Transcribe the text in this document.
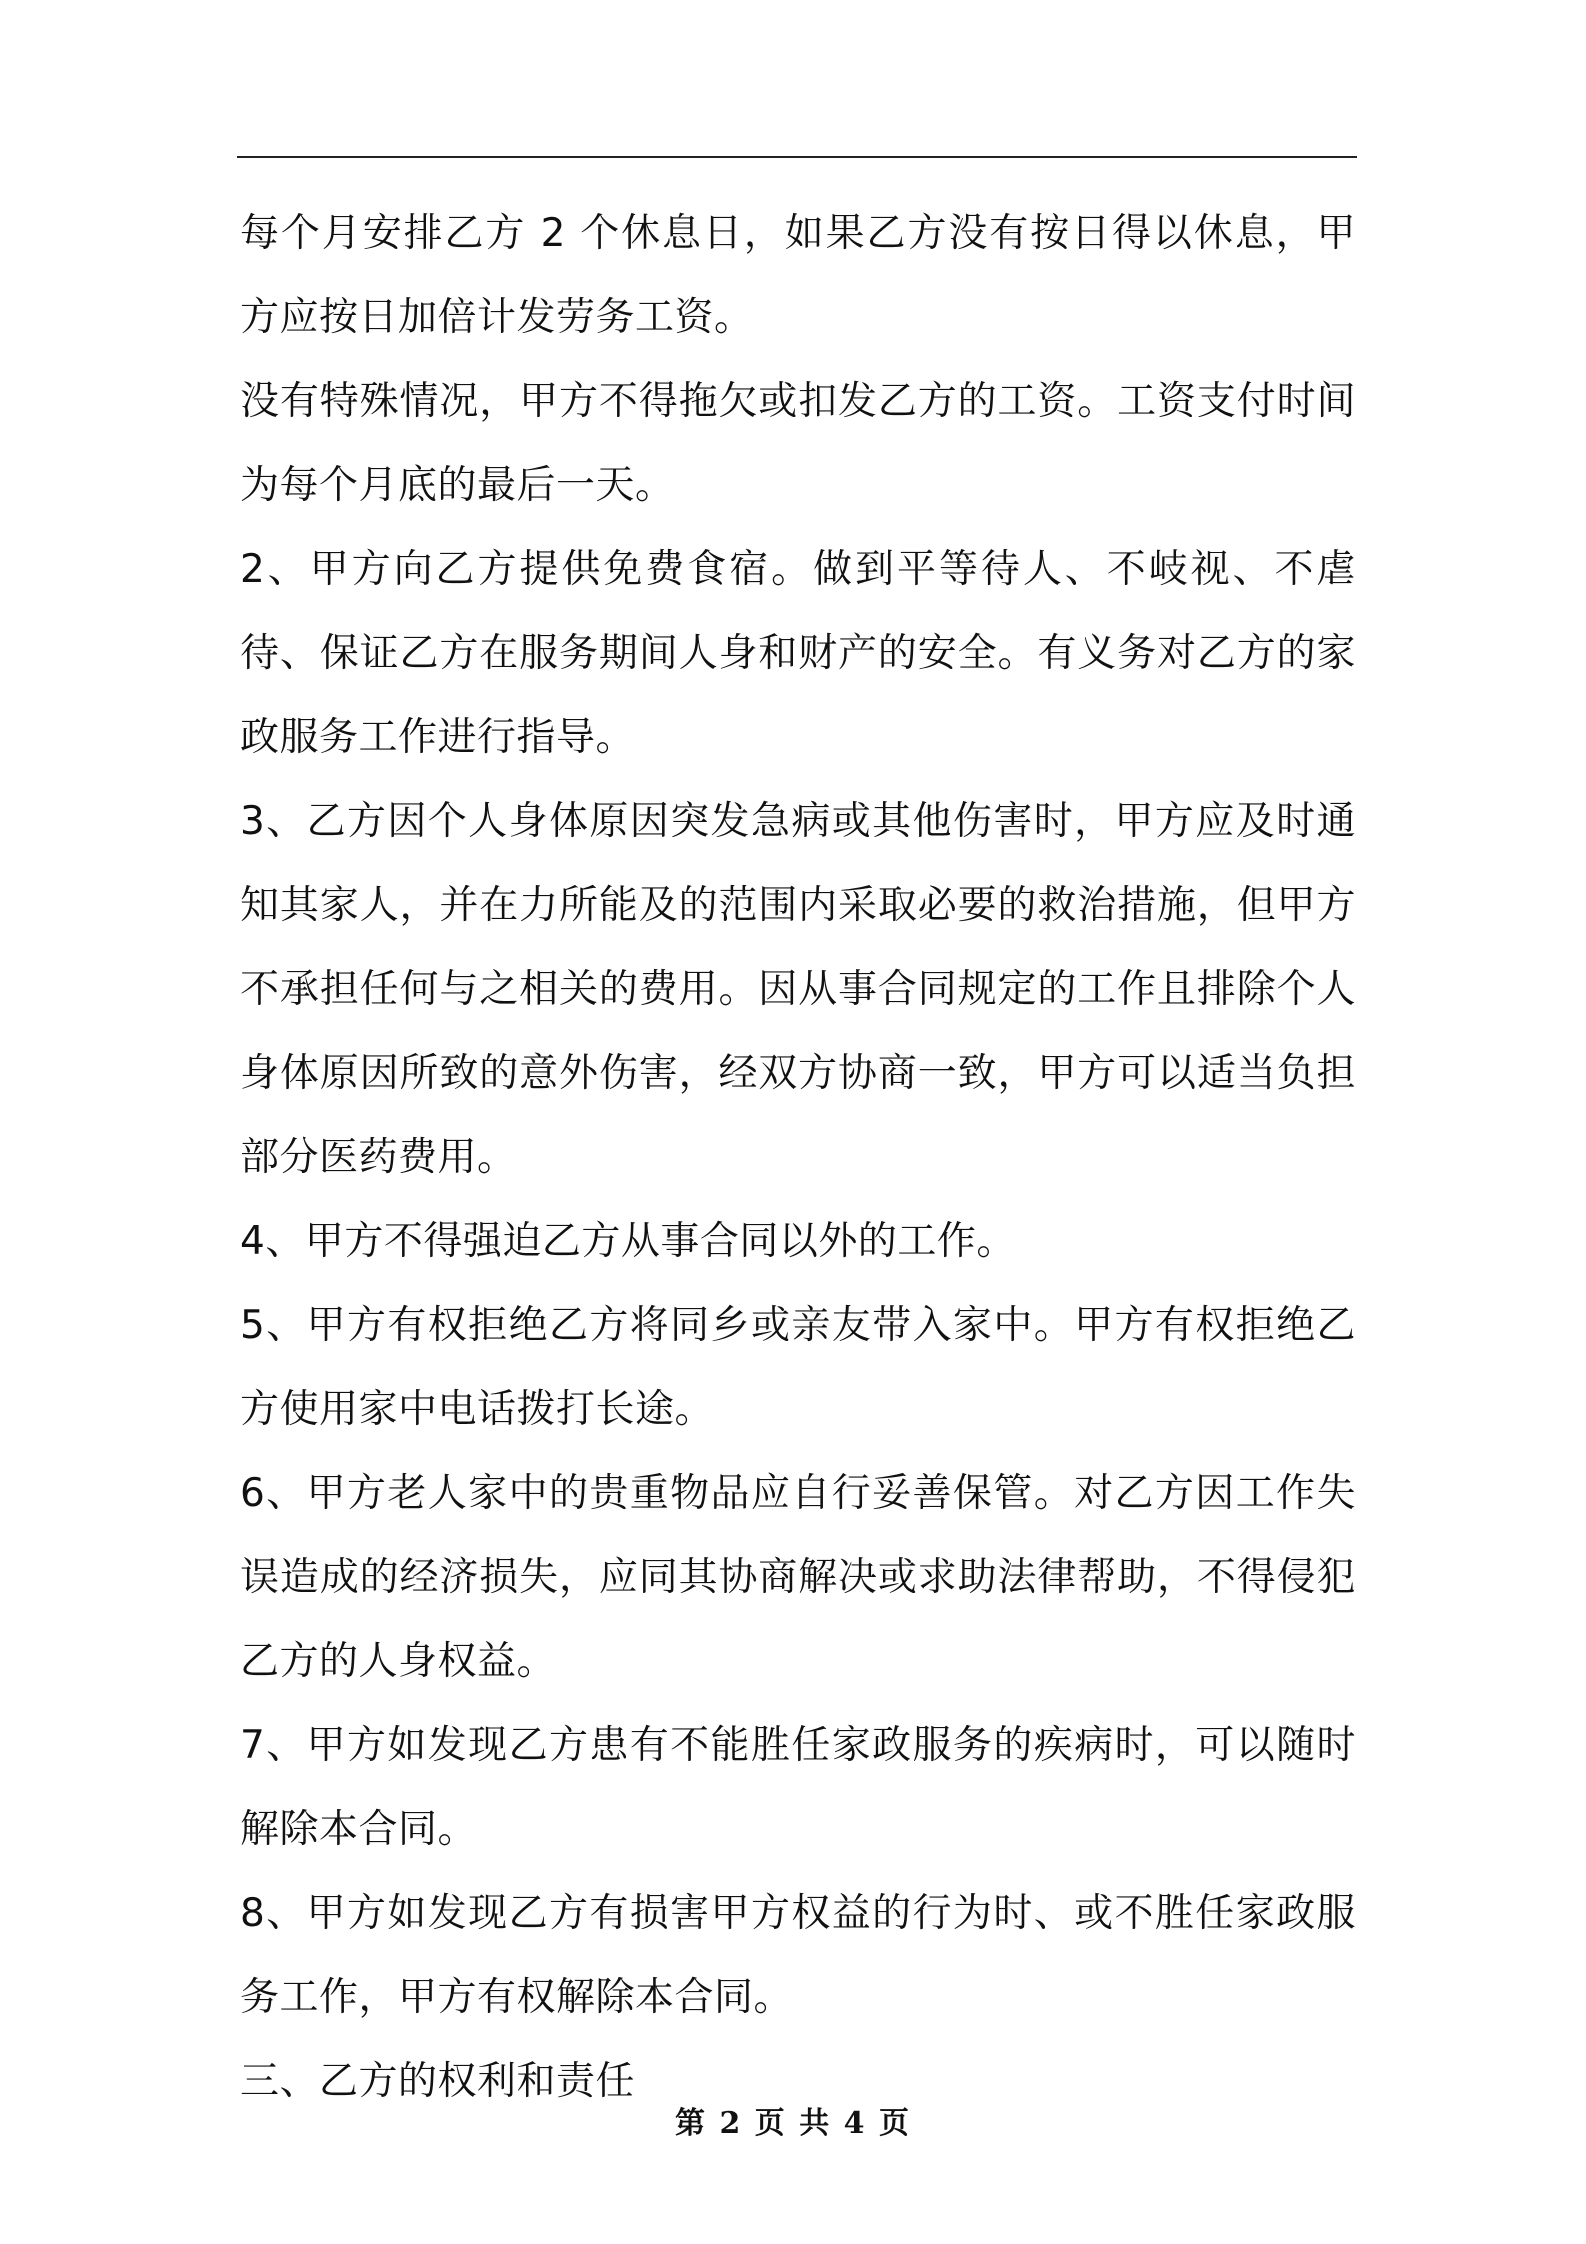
每个月安排乙方 2 个休息日，如果乙方没有按日得以休息，甲方应按日加倍计发劳务工资。

没有特殊情况，甲方不得拖欠或扣发乙方的工资。工资支付时间为每个月底的最后一天。

2、甲方向乙方提供免费食宿。做到平等待人、不岐视、不虐待、保证乙方在服务期间人身和财产的安全。有义务对乙方的家政服务工作进行指导。

3、乙方因个人身体原因突发急病或其他伤害时，甲方应及时通知其家人，并在力所能及的范围内采取必要的救治措施，但甲方不承担任何与之相关的费用。因从事合同规定的工作且排除个人身体原因所致的意外伤害，经双方协商一致，甲方可以适当负担部分医药费用。

4、甲方不得强迫乙方从事合同以外的工作。

5、甲方有权拒绝乙方将同乡或亲友带入家中。甲方有权拒绝乙方使用家中电话拨打长途。

6、甲方老人家中的贵重物品应自行妥善保管。对乙方因工作失误造成的经济损失，应同其协商解决或求助法律帮助，不得侵犯乙方的人身权益。

7、甲方如发现乙方患有不能胜任家政服务的疾病时，可以随时解除本合同。

8、甲方如发现乙方有损害甲方权益的行为时、或不胜任家政服务工作，甲方有权解除本合同。

三、乙方的权利和责任

第 2 页 共 4 页
